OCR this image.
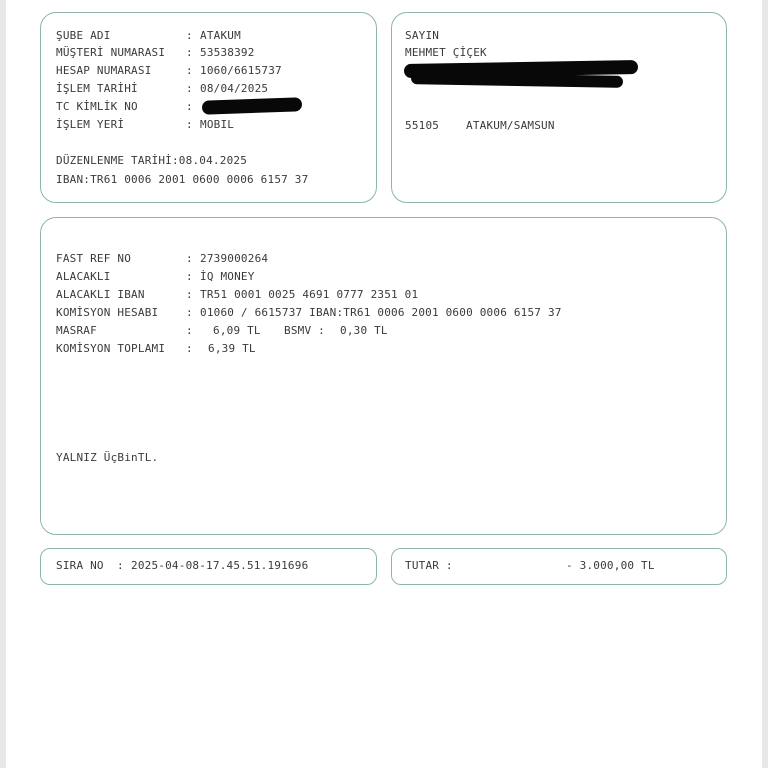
ŞUBE ADI	: ATAKUM
MÜŞTERİ NUMARASI : 53538392
HESAP NUMARASI	: 1060/6615737
İŞLEM TARİHİ	: 08/04/2025
TC KİMLİK NO	:
İŞLEM YERİ	: MOBIL
DÜZENLENME TARİHİ:08.04.2025
IBAN:TR61 0006 2001 0600 0006 6157 37
SAYIN
MEHMET ÇİÇEK
55105 ATAKUM/SAMSUN
FAST REF NO	: 2739000264
ALACAKLI	: İQ MONEY
ALACAKLI IBAN	: TR51 0001 0025 4691 0777 2351 01
KOMİSYON HESABI	: 01060 / 6615737 IBAN:TR61 0006 2001 0600 0006 6157 37
MASRAF	: 6,09 TL BSMV : 0,30 TL
KOMİSYON TOPLAMI : 6,39 TL
YALNIZ ÜçBinTL.
SIRA NO : 2025-04-08-17.45.51.191696	TUTAR :	- 3.000,00 TL
